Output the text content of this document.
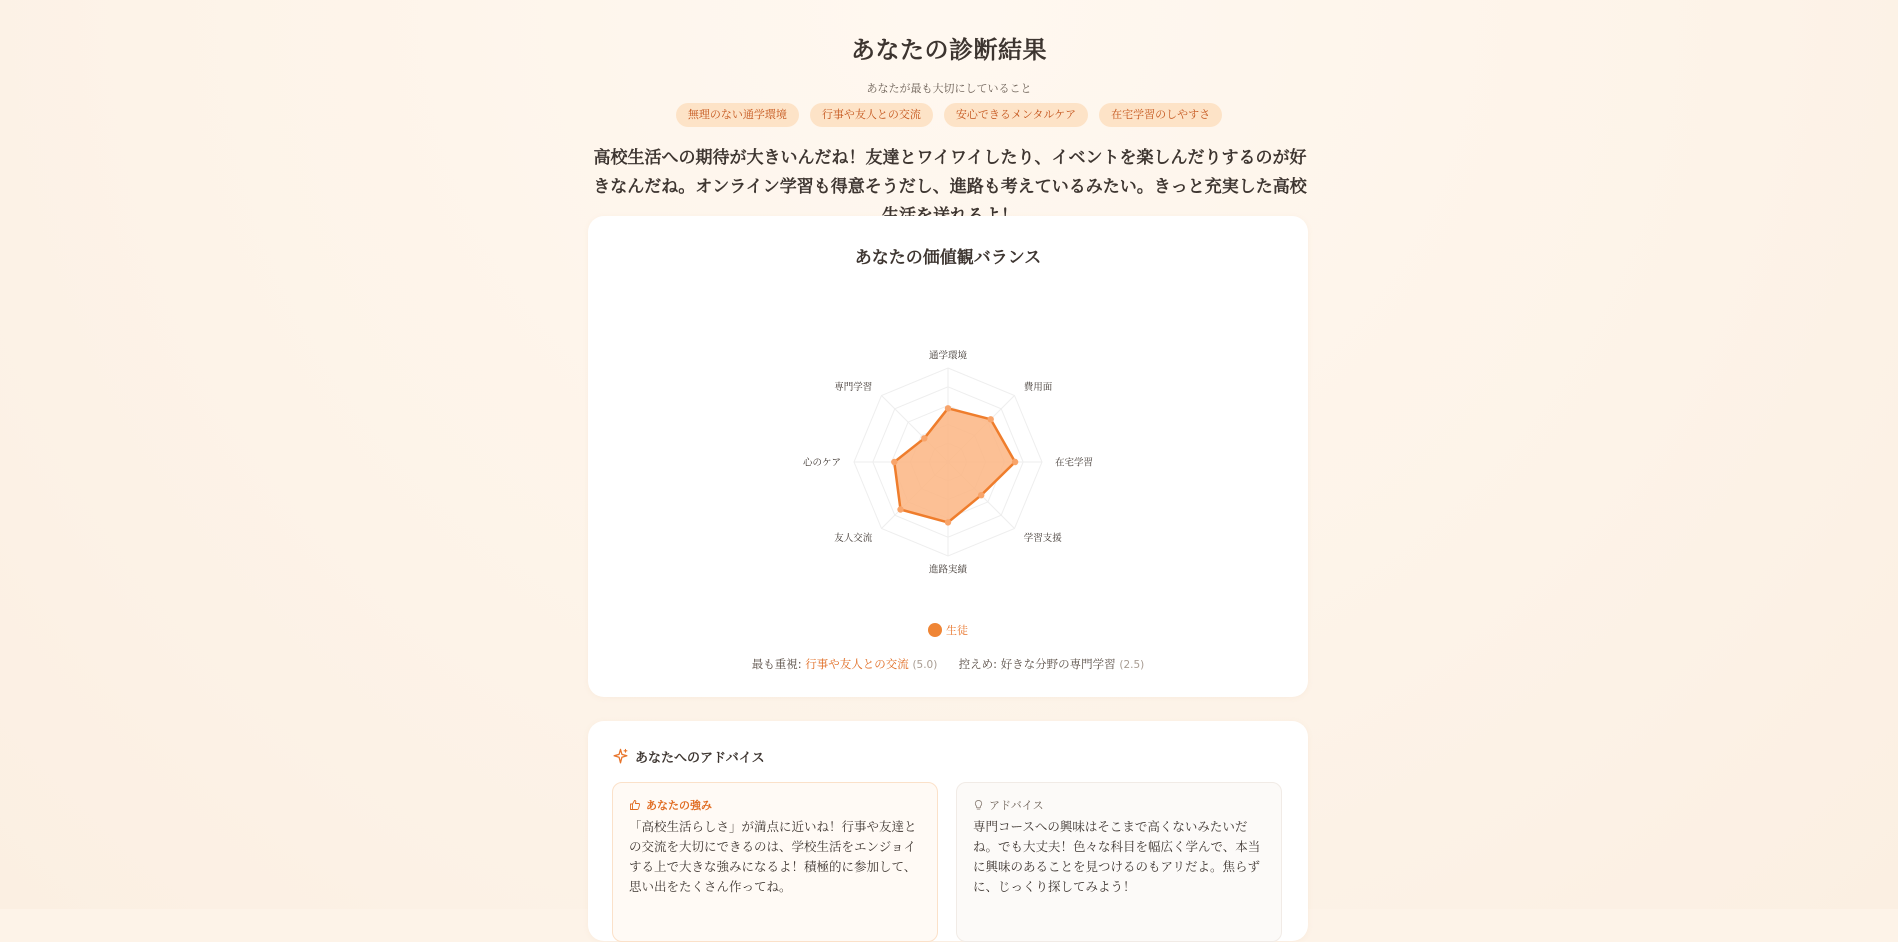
あなたの診断結果
あなたが最も大切にしていること
無理のない通学環境	行事や友人との交流	安心できるメンタルケア	在宅学習のしやすさ
高校生活への期待が大きいんだね！友達とワイワイしたり、イベントを楽しんだりするのが好きなんだね。オンライン学習も得意そうだし、進路も考えているみたい。きっと充実した高校
あなたの価値観バランス
通学環境
費用面
在宅学習
学習支援
進路実績
友人交流
心のケア
専門学習
生徒
最も重視: 行事や友人との交流 (5.0) 控えめ: 好きな分野の専門学習 (2.5)
あなたへのアドバイス
あなたの強み
「高校生活らしさ」が満点に近いね！行事や友達との交流を大切にできるのは、学校生活をエンジョイする上で大きな強みになるよ！積極的に参加して、思い出をたくさん作ってね。
アドバイス
専門コースへの興味はそこまで高くないみたいだね。でも大丈夫！色々な科目を幅広く学んで、本当に興味のあることを見つけるのもアリだよ。焦らずに、じっくり探してみよう！
